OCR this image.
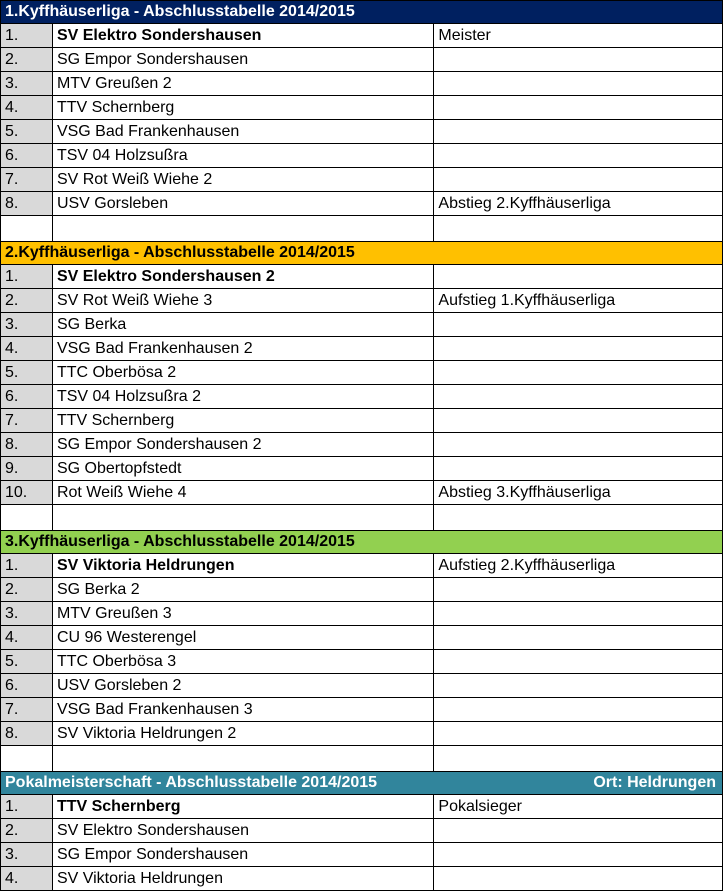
1.Kyffhäuserliga - Abschlusstabelle 2014/2015
1.	SV Elektro Sondershausen	Meister
2.	SG Empor Sondershausen
3.	MTV Greußen 2
4.	TTV Schernberg
5.	VSG Bad Frankenhausen
6.	TSV 04 Holzsußra
7.	SV Rot Weiß Wiehe 2
8.	USV Gorsleben	Abstieg 2.Kyffhäuserliga
2.Kyffhäuserliga - Abschlusstabelle 2014/2015
1.	SV Elektro Sondershausen 2
2.	SV Rot Weiß Wiehe 3	Aufstieg 1.Kyffhäuserliga
3.	SG Berka
4.	VSG Bad Frankenhausen 2
5.	TTC Oberbösa 2
6.	TSV 04 Holzsußra 2
7.	TTV Schernberg
8.	SG Empor Sondershausen 2
9.	SG Obertopfstedt
10.	Rot Weiß Wiehe 4	Abstieg 3.Kyffhäuserliga
3.Kyffhäuserliga - Abschlusstabelle 2014/2015
1.	SV Viktoria Heldrungen	Aufstieg 2.Kyffhäuserliga
2.	SG Berka 2
3.	MTV Greußen 3
4.	CU 96 Westerengel
5.	TTC Oberbösa 3
6.	USV Gorsleben 2
7.	VSG Bad Frankenhausen 3
8.	SV Viktoria Heldrungen 2
Pokalmeisterschaft - Abschlusstabelle 2014/2015	Ort: Heldrungen
1.	TTV Schernberg	Pokalsieger
2.	SV Elektro Sondershausen
3.	SG Empor Sondershausen
4.	SV Viktoria Heldrungen
